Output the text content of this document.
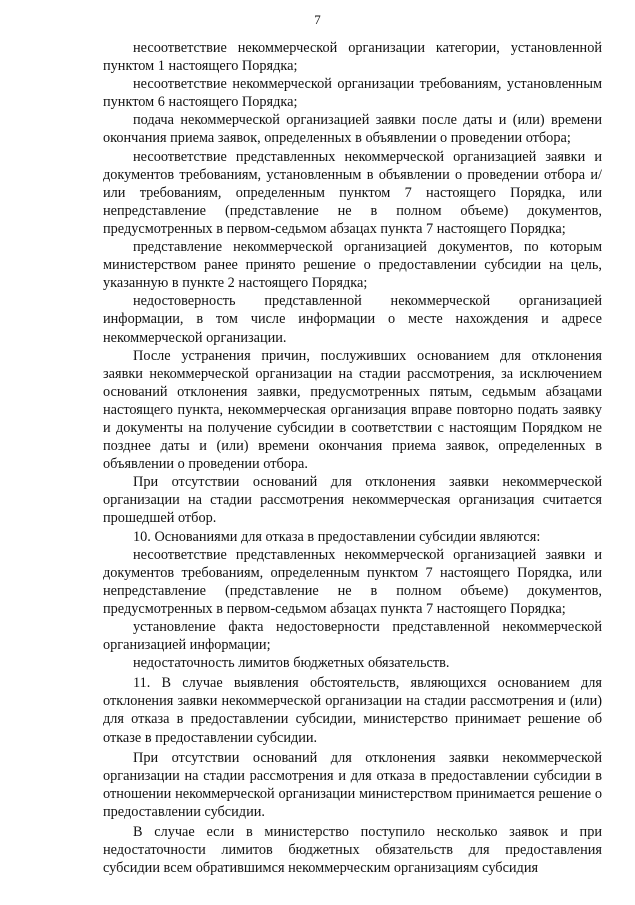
7

несоответствие некоммерческой организации категории, установленной пунктом 1 настоящего Порядка;

несоответствие некоммерческой организации требованиям, установленным пунктом 6 настоящего Порядка;

подача некоммерческой организацией заявки после даты и (или) времени окончания приема заявок, определенных в объявлении о проведении отбора;

несоответствие представленных некоммерческой организацией заявки и документов требованиям, установленным в объявлении о проведении отбора и/или требованиям, определенным пунктом 7 настоящего Порядка, или непредставление (представление не в полном объеме) документов, предусмотренных в первом-седьмом абзацах пункта 7 настоящего Порядка;

представление некоммерческой организацией документов, по которым министерством ранее принято решение о предоставлении субсидии на цель, указанную в пункте 2 настоящего Порядка;

недостоверность представленной некоммерческой организацией информации, в том числе информации о месте нахождения и адресе некоммерческой организации.

После устранения причин, послуживших основанием для отклонения заявки некоммерческой организации на стадии рассмотрения, за исключением оснований отклонения заявки, предусмотренных пятым, седьмым абзацами настоящего пункта, некоммерческая организация вправе повторно подать заявку и документы на получение субсидии в соответствии с настоящим Порядком не позднее даты и (или) времени окончания приема заявок, определенных в объявлении о проведении отбора.

При отсутствии оснований для отклонения заявки некоммерческой организации на стадии рассмотрения некоммерческая организация считается прошедшей отбор.

10. Основаниями для отказа в предоставлении субсидии являются:

несоответствие представленных некоммерческой организацией заявки и документов требованиям, определенным пунктом 7 настоящего Порядка, или непредставление (представление не в полном объеме) документов, предусмотренных в первом-седьмом абзацах пункта 7 настоящего Порядка;

установление факта недостоверности представленной некоммерческой организацией информации;

недостаточность лимитов бюджетных обязательств.

11. В случае выявления обстоятельств, являющихся основанием для отклонения заявки некоммерческой организации на стадии рассмотрения и (или) для отказа в предоставлении субсидии, министерство принимает решение об отказе в предоставлении субсидии.

При отсутствии оснований для отклонения заявки некоммерческой организации на стадии рассмотрения и для отказа в предоставлении субсидии в отношении некоммерческой организации министерством принимается решение о предоставлении субсидии.

В случае если в министерство поступило несколько заявок и при недостаточности лимитов бюджетных обязательств для предоставления субсидии всем обратившимся некоммерческим организациям субсидия
